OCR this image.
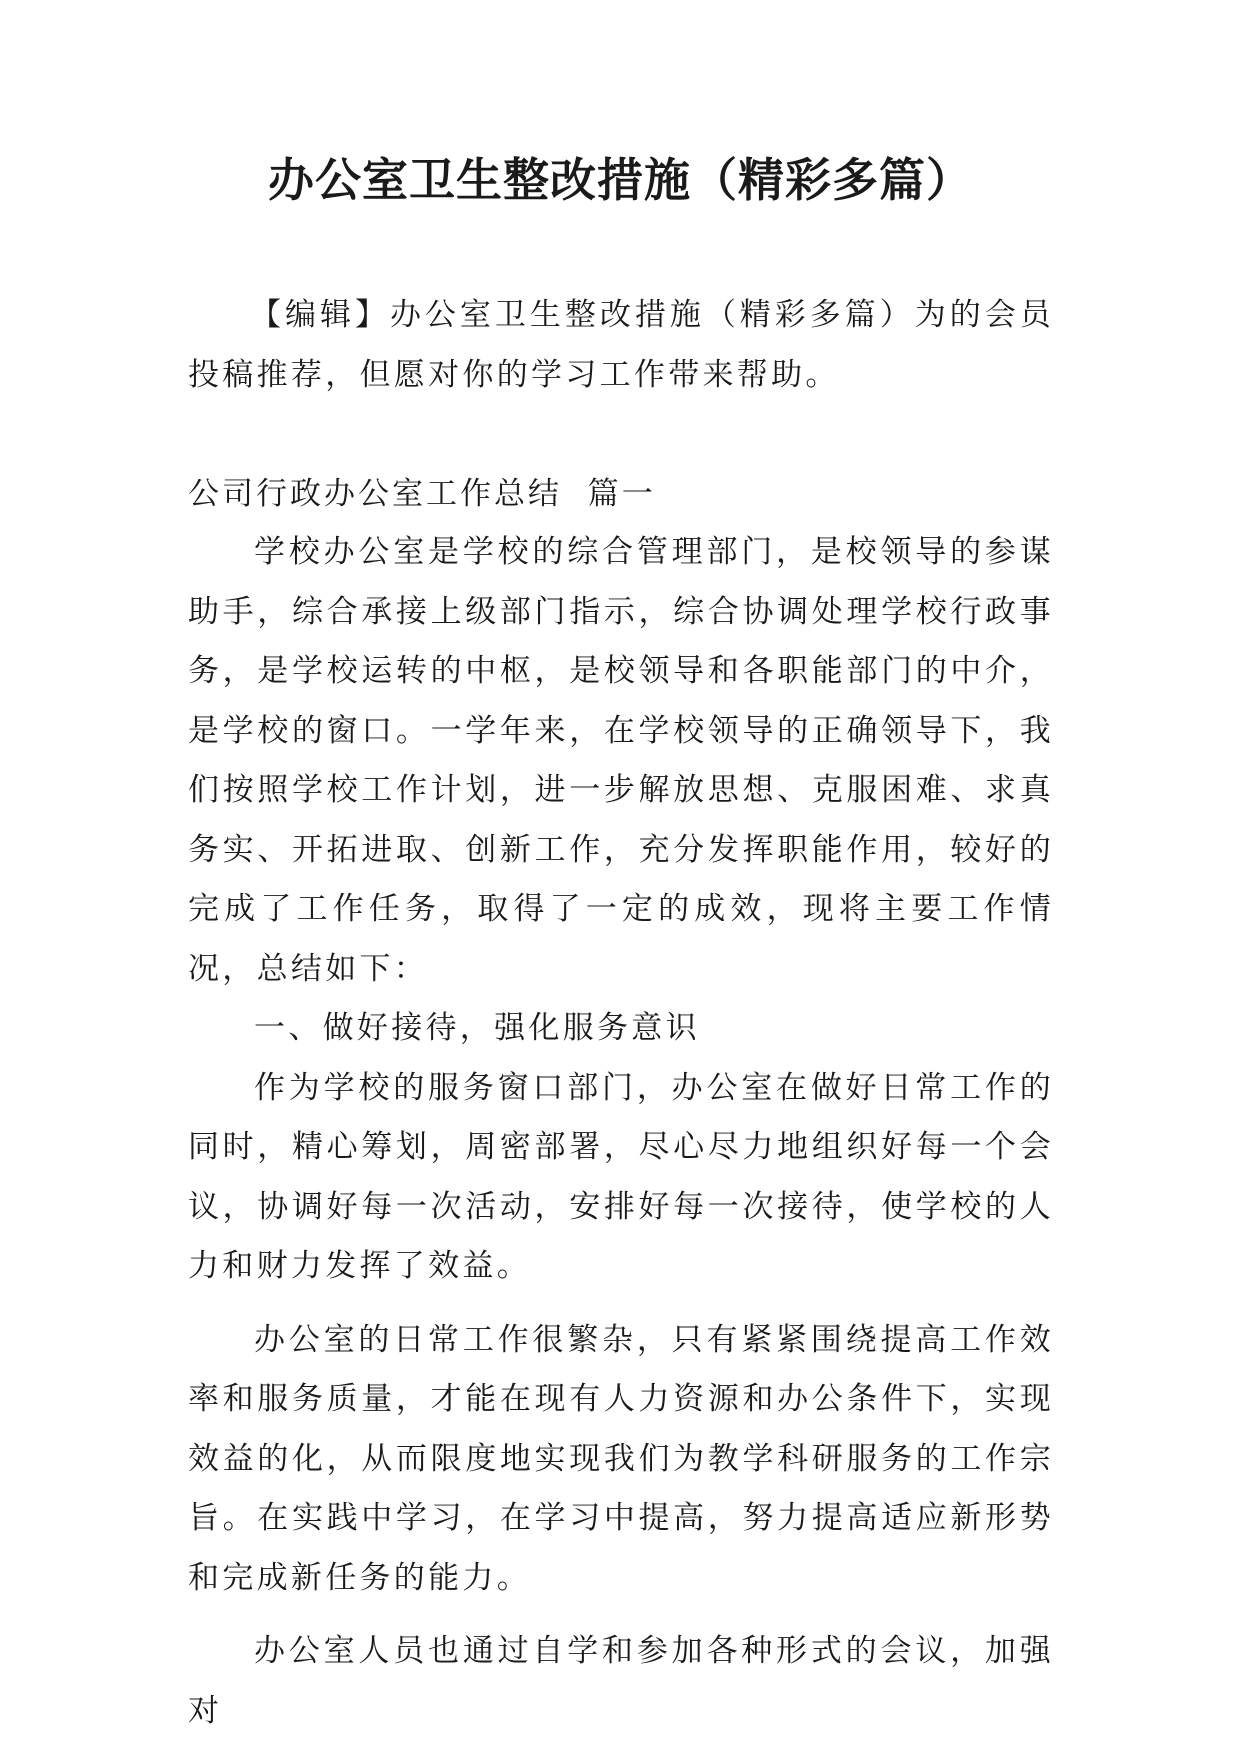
办公室卫生整改措施（精彩多篇）

【编辑】办公室卫生整改措施（精彩多篇）为的会员投稿推荐，但愿对你的学习工作带来帮助。

公司行政办公室工作总结  篇一

学校办公室是学校的综合管理部门，是校领导的参谋助手，综合承接上级部门指示，综合协调处理学校行政事务，是学校运转的中枢，是校领导和各职能部门的中介，是学校的窗口。一学年来，在学校领导的正确领导下，我们按照学校工作计划，进一步解放思想、克服困难、求真务实、开拓进取、创新工作，充分发挥职能作用，较好的完成了工作任务，取得了一定的成效，现将主要工作情况，总结如下：

一、做好接待，强化服务意识

作为学校的服务窗口部门，办公室在做好日常工作的同时，精心筹划，周密部署，尽心尽力地组织好每一个会议，协调好每一次活动，安排好每一次接待，使学校的人力和财力发挥了效益。

办公室的日常工作很繁杂，只有紧紧围绕提高工作效率和服务质量，才能在现有人力资源和办公条件下，实现效益的化，从而限度地实现我们为教学科研服务的工作宗旨。在实践中学习，在学习中提高，努力提高适应新形势和完成新任务的能力。

办公室人员也通过自学和参加各种形式的会议，加强对
